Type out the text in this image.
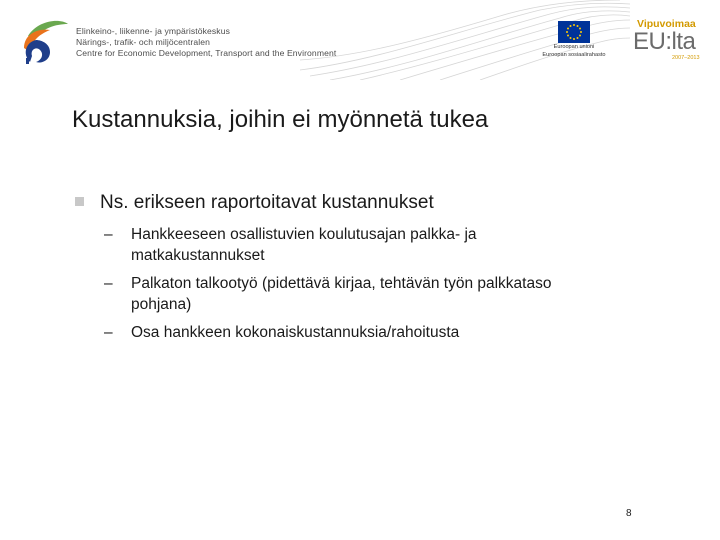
Elinkeino-, liikenne- ja ympäristökeskus
Närings-, trafik- och miljöcentralen
Centre for Economic Development, Transport and the Environment
Euroopan unioni
Euroopan sosiaalirahasto
Vipuvoimaa
EU:lta
2007–2013
Kustannuksia, joihin ei myönnetä tukea
Ns. erikseen raportoitavat kustannukset
– Hankkeeseen osallistuvien koulutusajan palkka- ja
matkakustannukset
– Palkaton talkootyö (pidettävä kirjaa, tehtävän työn palkkataso
pohjana)
– Osa hankkeen kokonaiskustannuksia/rahoitusta
8
